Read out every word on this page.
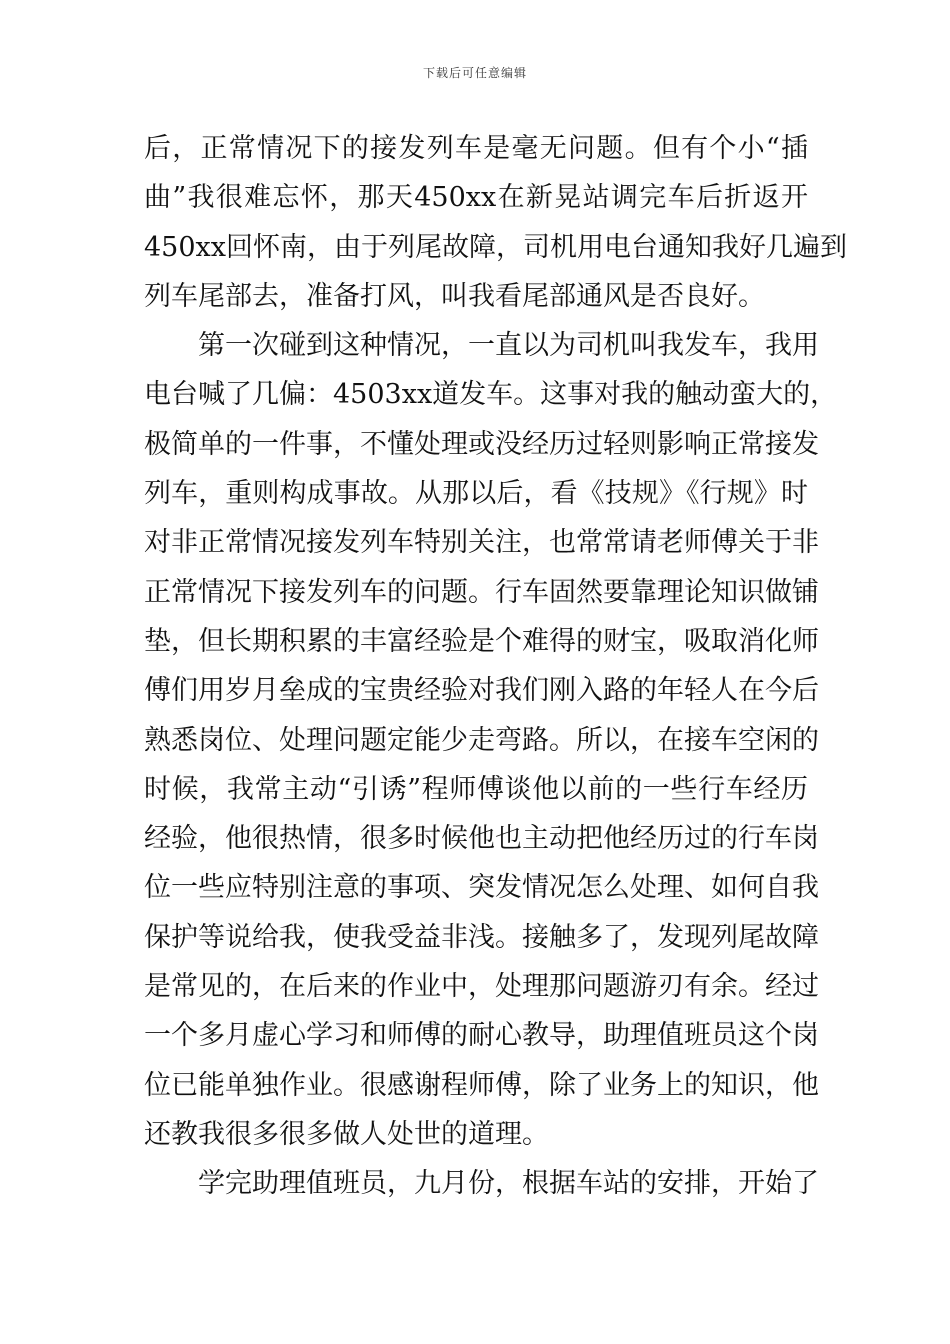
下载后可任意编辑
后，正常情况下的接发列车是毫无问题。但有个小“插
曲”我很难忘怀，那天450xx在新晃站调完车后折返开
450xx回怀南，由于列尾故障，司机用电台通知我好几遍到
列车尾部去，准备打风，叫我看尾部通风是否良好。
　　第一次碰到这种情况，一直以为司机叫我发车，我用
电台喊了几偏：4503xx道发车。这事对我的触动蛮大的，
极简单的一件事，不懂处理或没经历过轻则影响正常接发
列车，重则构成事故。从那以后，看《技规》《行规》时
对非正常情况接发列车特别关注，也常常请老师傅关于非
正常情况下接发列车的问题。行车固然要靠理论知识做铺
垫，但长期积累的丰富经验是个难得的财宝，吸取消化师
傅们用岁月垒成的宝贵经验对我们刚入路的年轻人在今后
熟悉岗位、处理问题定能少走弯路。所以，在接车空闲的
时候，我常主动“引诱”程师傅谈他以前的一些行车经历
经验，他很热情，很多时候他也主动把他经历过的行车岗
位一些应特别注意的事项、突发情况怎么处理、如何自我
保护等说给我，使我受益非浅。接触多了，发现列尾故障
是常见的，在后来的作业中，处理那问题游刃有余。经过
一个多月虚心学习和师傅的耐心教导，助理值班员这个岗
位已能单独作业。很感谢程师傅，除了业务上的知识，他
还教我很多很多做人处世的道理。
　　学完助理值班员，九月份，根据车站的安排，开始了
